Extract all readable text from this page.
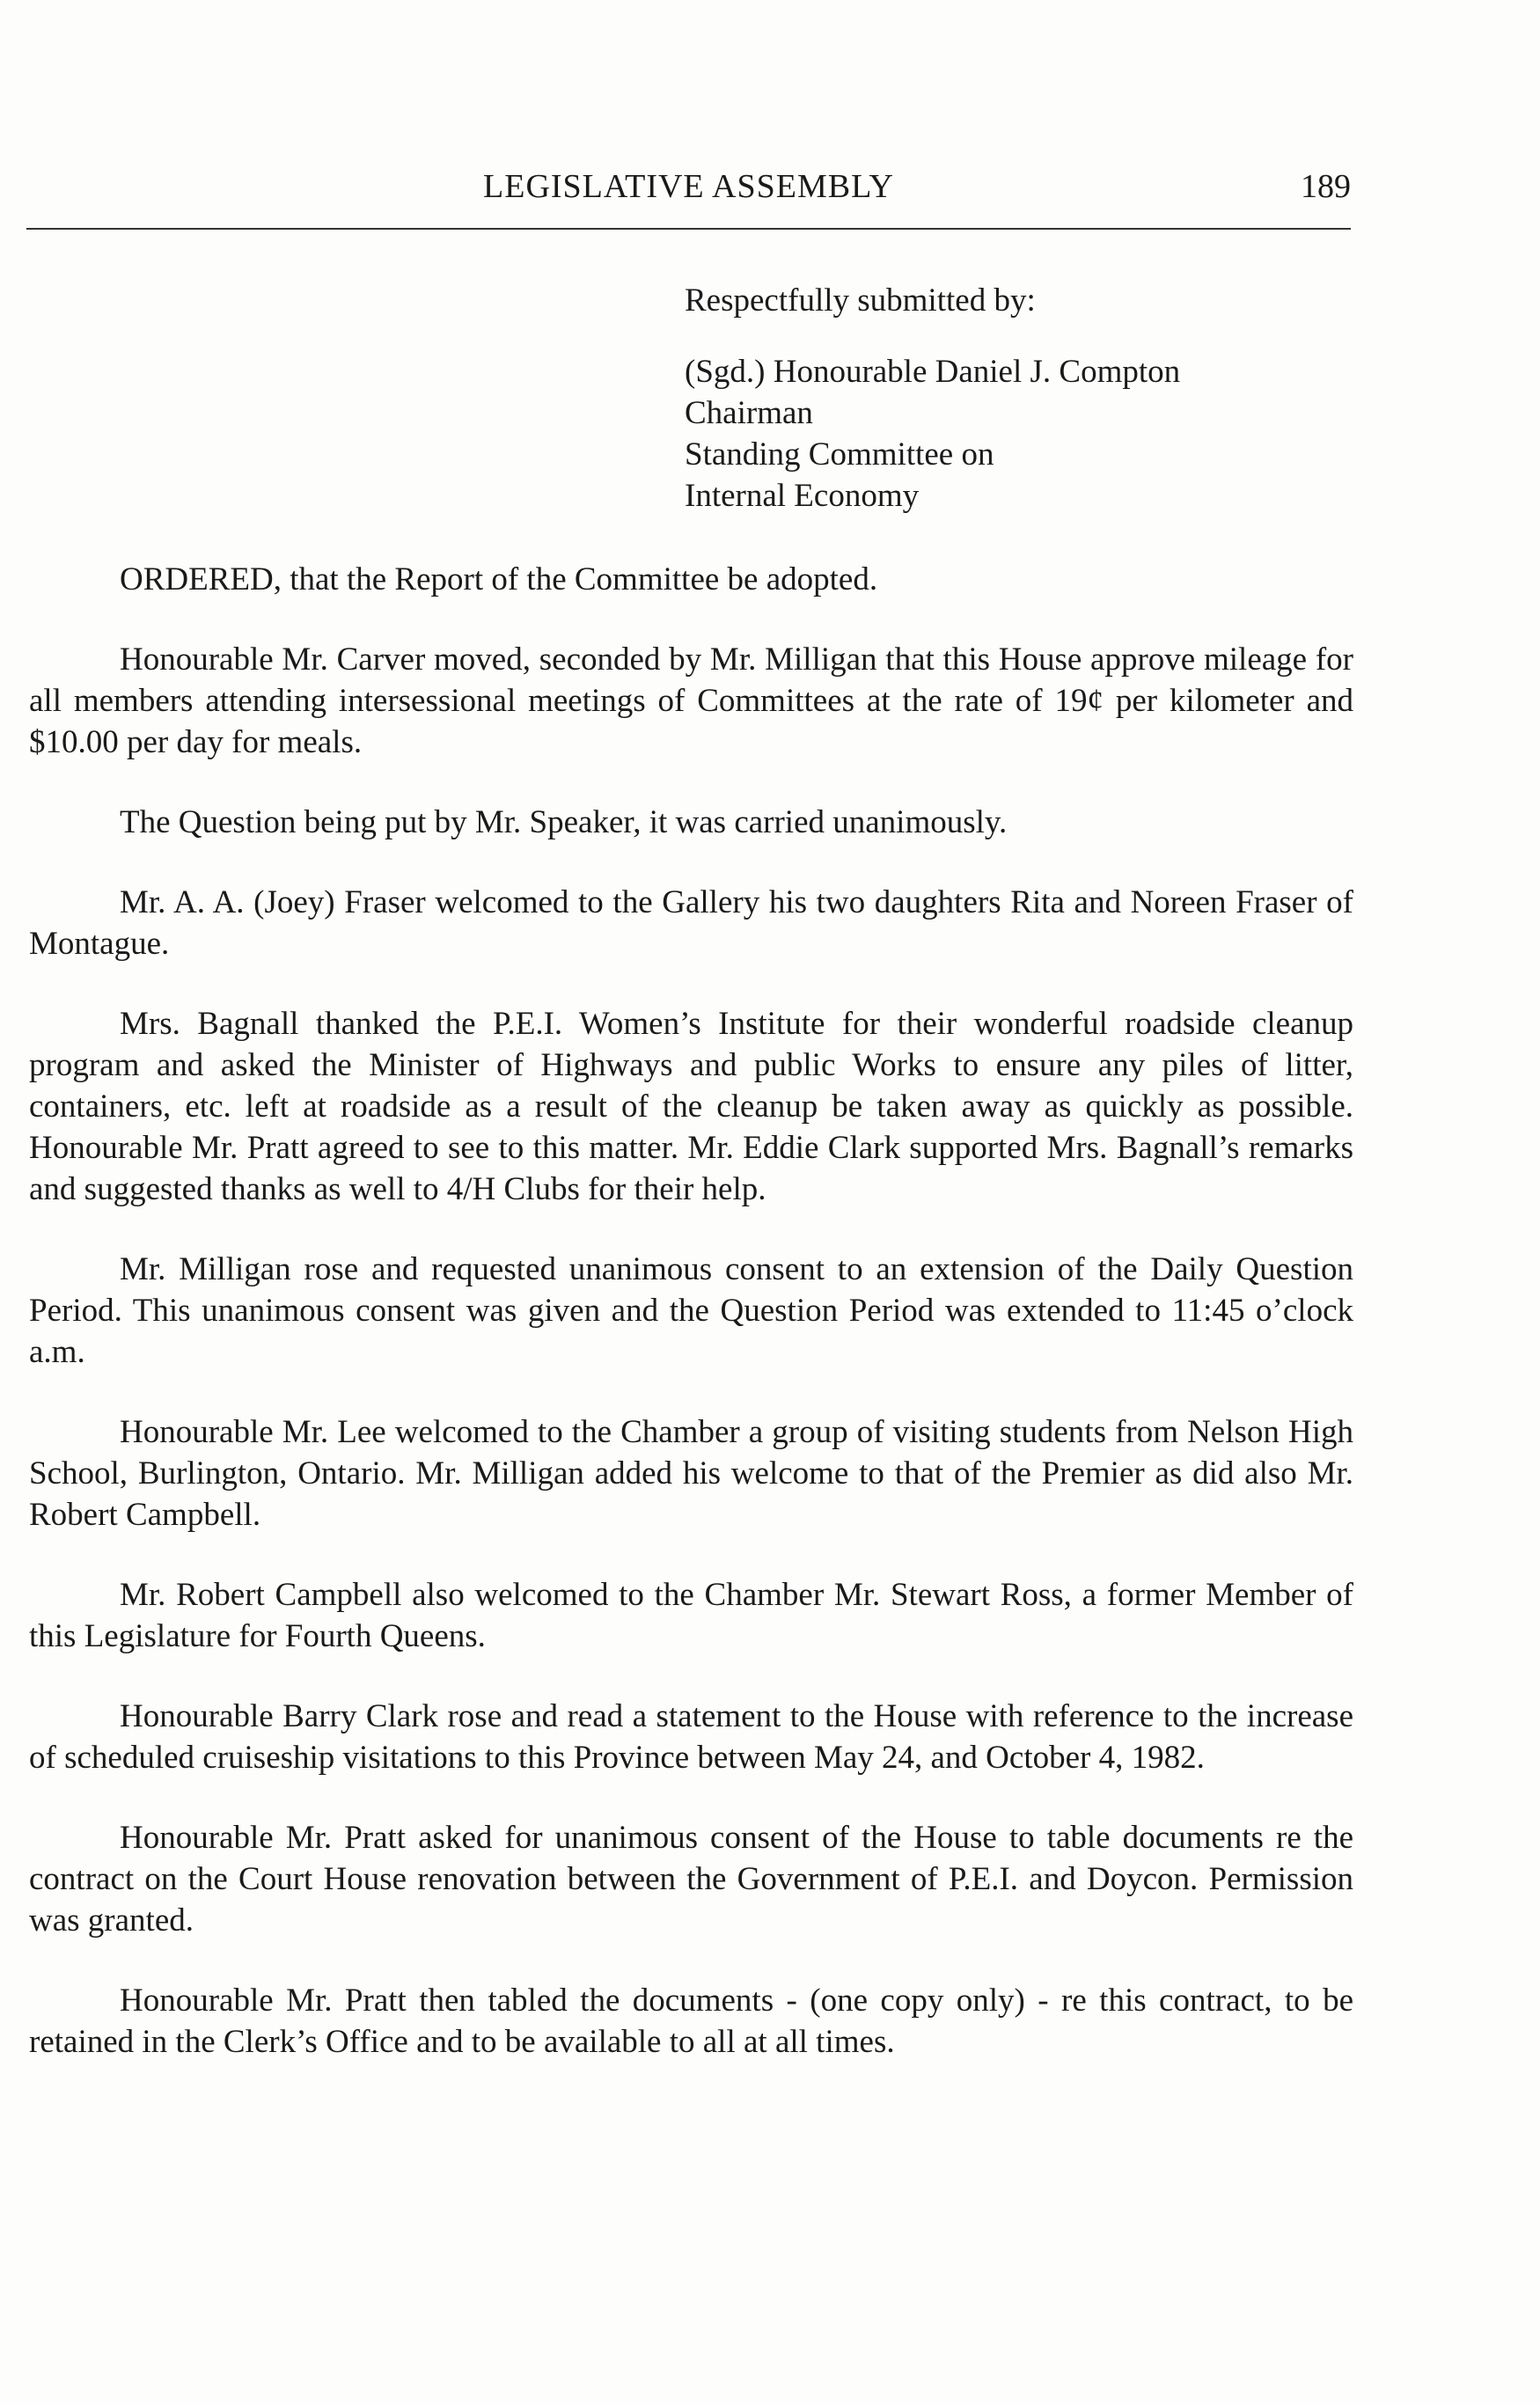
LEGISLATIVE ASSEMBLY	189
Respectfully submitted by:
(Sgd.) Honourable Daniel J. Compton
Chairman
Standing Committee on
Internal Economy

ORDERED, that the Report of the Committee be adopted.

Honourable Mr. Carver moved, seconded by Mr. Milligan that this House approve mileage for all members attending intersessional meetings of Committees at the rate of 19¢ per kilometer and $10.00 per day for meals.

The Question being put by Mr. Speaker, it was carried unanimously.

Mr. A. A. (Joey) Fraser welcomed to the Gallery his two daughters Rita and Noreen Fraser of Montague.

Mrs. Bagnall thanked the P.E.I. Women’s Institute for their wonderful roadside cleanup program and asked the Minister of Highways and public Works to ensure any piles of litter, containers, etc. left at roadside as a result of the cleanup be taken away as quickly as possible. Honourable Mr. Pratt agreed to see to this matter. Mr. Eddie Clark supported Mrs. Bagnall’s remarks and suggested thanks as well to 4/H Clubs for their help.

Mr. Milligan rose and requested unanimous consent to an extension of the Daily Question Period. This unanimous consent was given and the Question Period was extended to 11:45 o’clock a.m.

Honourable Mr. Lee welcomed to the Chamber a group of visiting students from Nelson High School, Burlington, Ontario. Mr. Milligan added his welcome to that of the Premier as did also Mr. Robert Campbell.

Mr. Robert Campbell also welcomed to the Chamber Mr. Stewart Ross, a former Member of this Legislature for Fourth Queens.

Honourable Barry Clark rose and read a statement to the House with reference to the increase of scheduled cruiseship visitations to this Province between May 24, and October 4, 1982.

Honourable Mr. Pratt asked for unanimous consent of the House to table documents re the contract on the Court House renovation between the Government of P.E.I. and Doycon. Permission was granted.

Honourable Mr. Pratt then tabled the documents - (one copy only) - re this contract, to be retained in the Clerk’s Office and to be available to all at all times.
